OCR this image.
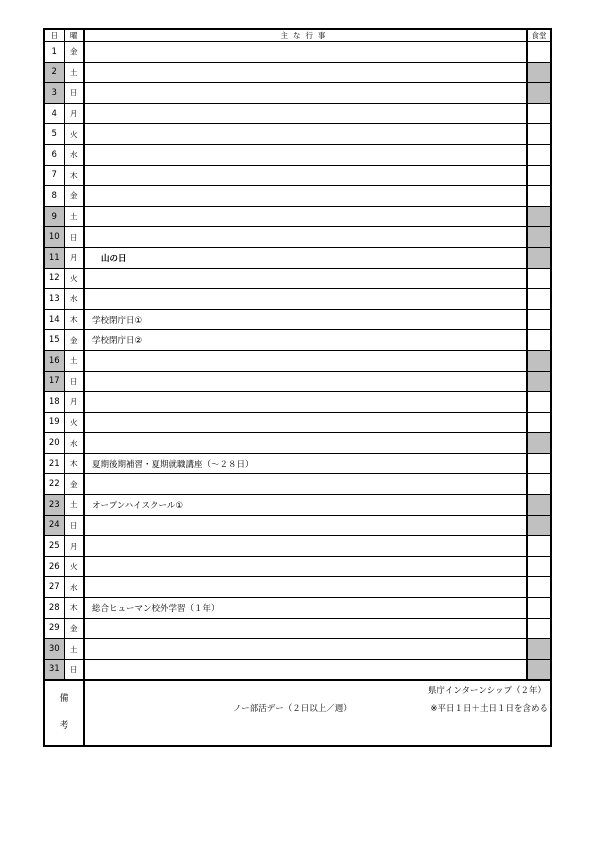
日	曜	主な行事	食堂
1	金		
2	土		
3	日		
4	月		
5	火		
6	水		
7	木		
8	金		
9	土		
10	日		
11	月	山の日	
12	火		
13	水		
14	木	学校閉庁日①	
15	金	学校閉庁日②	
16	土		
17	日		
18	月		
19	火		
20	水		
21	木	夏期後期補習・夏期就職講座（～２８日）	
22	金		
23	土	オープンハイスクール①	
24	日		
25	月		
26	火		
27	水		
28	木	総合ヒューマン校外学習（１年）	
29	金		
30	土		
31	日		

備
考		県庁インターンシップ（２年）
ノー部活デー（２日以上／週） ※平日１日＋土日１日を含める	
